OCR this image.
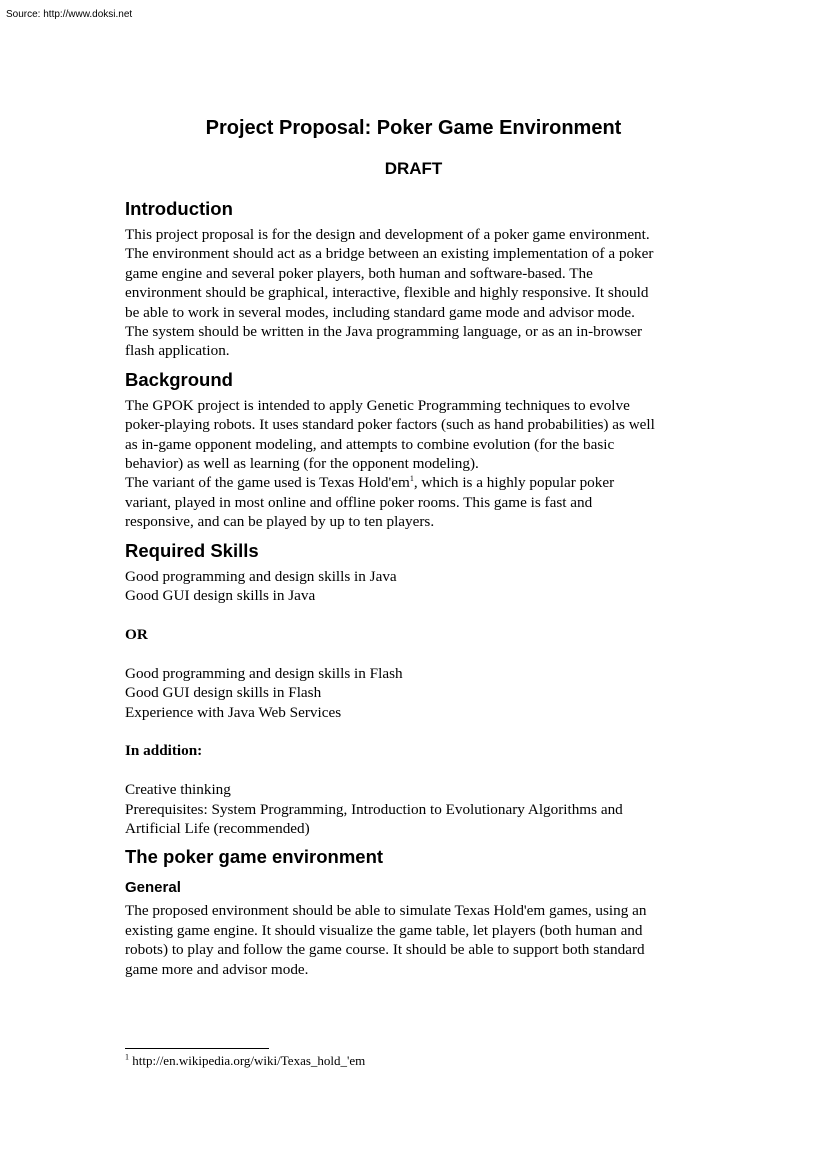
Source: http://www.doksi.net
Project Proposal: Poker Game Environment
DRAFT
Introduction
This project proposal is for the design and development of a poker game environment.
The environment should act as a bridge between an existing implementation of a poker
game engine and several poker players, both human and software-based. The
environment should be graphical, interactive, flexible and highly responsive. It should
be able to work in several modes, including standard game mode and advisor mode.
The system should be written in the Java programming language, or as an in-browser
flash application.
Background
The GPOK project is intended to apply Genetic Programming techniques to evolve
poker-playing robots. It uses standard poker factors (such as hand probabilities) as well
as in-game opponent modeling, and attempts to combine evolution (for the basic
behavior) as well as learning (for the opponent modeling).
The variant of the game used is Texas $Hold'em^1$, which is a highly popular poker
variant, played in most online and offline poker rooms. This game is fast and
responsive, and can be played by up to ten players.
Required Skills
Good programming and design skills in Java
Good GUI design skills in Java
OR
Good programming and design skills in Flash
Good GUI design skills in Flash
Experience with Java Web Services
In addition:
Creative thinking
Prerequisites: System Programming, Introduction to Evolutionary Algorithms and
Artificial Life (recommended)
The poker game environment
General
The proposed environment should be able to simulate Texas Hold'em games, using an
existing game engine. It should visualize the game table, let players (both human and
robots) to play and follow the game course. It should be able to support both standard
game more and advisor mode.
$^1$ http://en.wikipedia.org/wiki/Texas_hold_'em
